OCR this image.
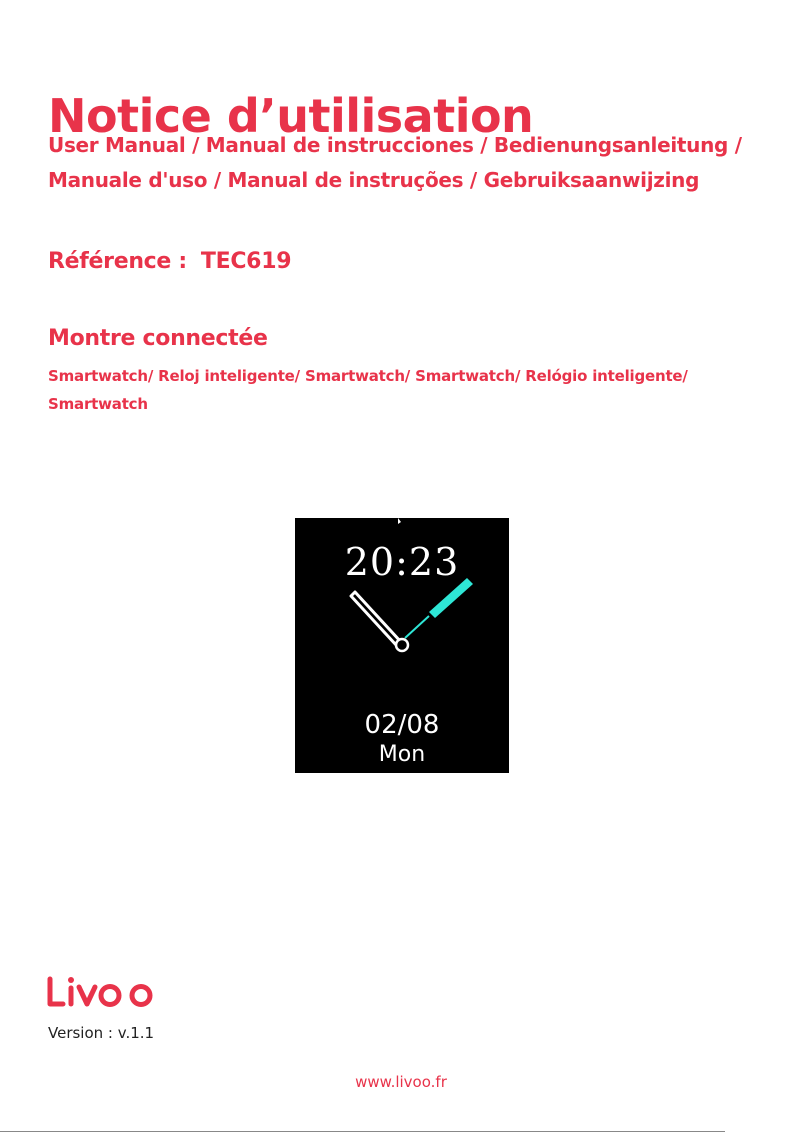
Notice d’utilisation
User Manual / Manual de instrucciones / Bedienungsanleitung /
Manuale d'uso / Manual de instruções / Gebruiksaanwijzing
Référence : TEC619
Montre connectée
Smartwatch/ Reloj inteligente/ Smartwatch/ Smartwatch/ Relógio inteligente/
Smartwatch
20:23
02/08
Mon
Version : v.1.1
www.livoo.fr
